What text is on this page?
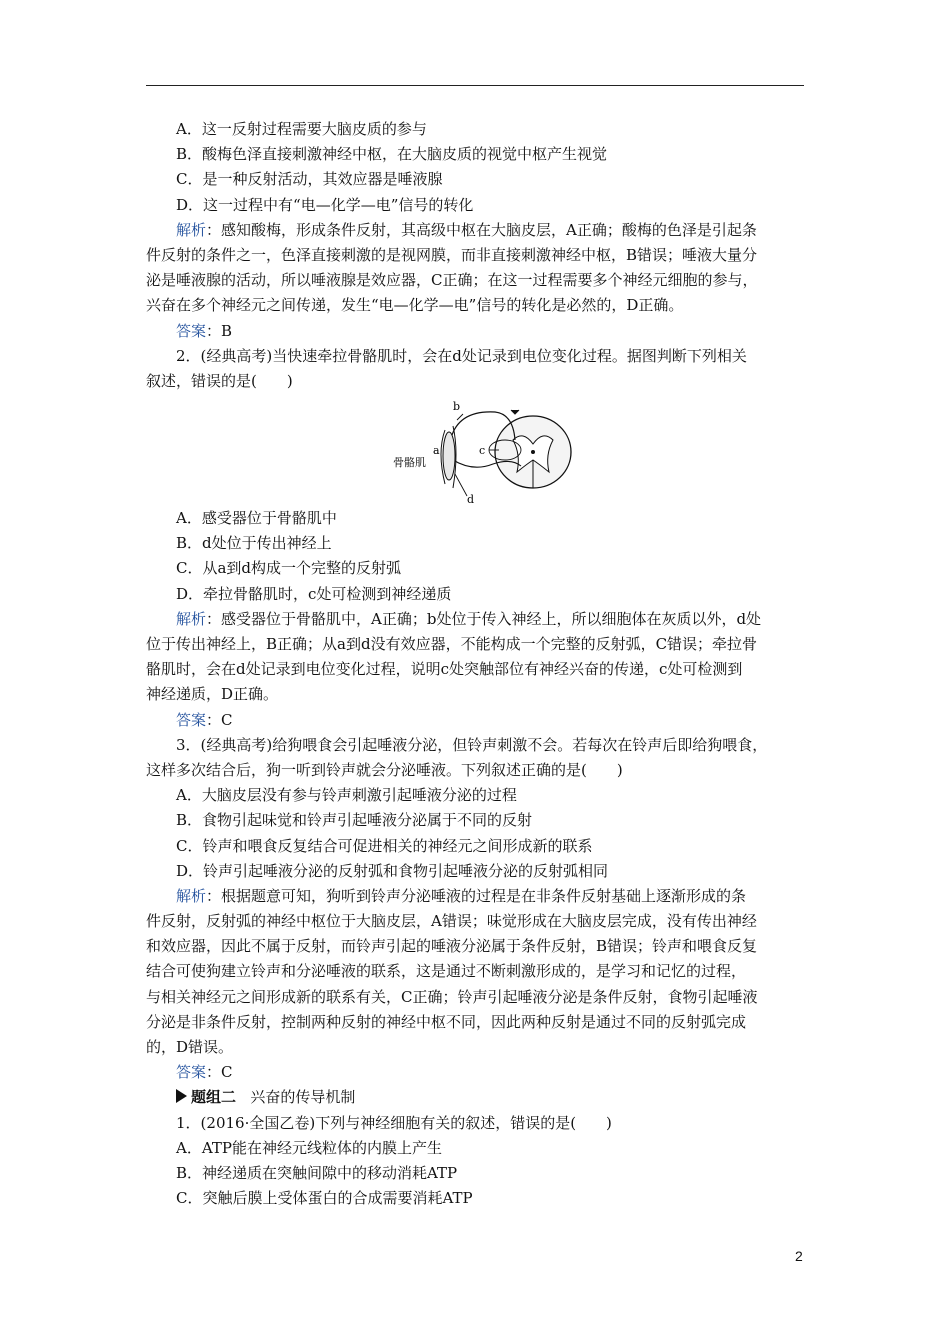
A．这一反射过程需要大脑皮质的参与
B．酸梅色泽直接刺激神经中枢，在大脑皮质的视觉中枢产生视觉
C．是一种反射活动，其效应器是唾液腺
D．这一过程中有“电—化学—电”信号的转化
解析：感知酸梅，形成条件反射，其高级中枢在大脑皮层，A正确；酸梅的色泽是引起条
件反射的条件之一，色泽直接刺激的是视网膜，而非直接刺激神经中枢，B错误；唾液大量分
泌是唾液腺的活动，所以唾液腺是效应器，C正确；在这一过程需要多个神经元细胞的参与，
兴奋在多个神经元之间传递，发生“电—化学—电”信号的转化是必然的，D正确。
答案：B
2．(经典高考)当快速牵拉骨骼肌时，会在d处记录到电位变化过程。据图判断下列相关
叙述，错误的是(　　)
b
a	c
d
骨骼肌
A．感受器位于骨骼肌中
B．d处位于传出神经上
C．从a到d构成一个完整的反射弧
D．牵拉骨骼肌时，c处可检测到神经递质
解析：感受器位于骨骼肌中，A正确；b处位于传入神经上，所以细胞体在灰质以外，d处
位于传出神经上，B正确；从a到d没有效应器，不能构成一个完整的反射弧，C错误；牵拉骨
骼肌时，会在d处记录到电位变化过程，说明c处突触部位有神经兴奋的传递，c处可检测到
神经递质，D正确。
答案：C
3．(经典高考)给狗喂食会引起唾液分泌，但铃声刺激不会。若每次在铃声后即给狗喂食，
这样多次结合后，狗一听到铃声就会分泌唾液。下列叙述正确的是(　　)
A．大脑皮层没有参与铃声刺激引起唾液分泌的过程
B．食物引起味觉和铃声引起唾液分泌属于不同的反射
C．铃声和喂食反复结合可促进相关的神经元之间形成新的联系
D．铃声引起唾液分泌的反射弧和食物引起唾液分泌的反射弧相同
解析：根据题意可知，狗听到铃声分泌唾液的过程是在非条件反射基础上逐渐形成的条
件反射，反射弧的神经中枢位于大脑皮层，A错误；味觉形成在大脑皮层完成，没有传出神经
和效应器，因此不属于反射，而铃声引起的唾液分泌属于条件反射，B错误；铃声和喂食反复
结合可使狗建立铃声和分泌唾液的联系，这是通过不断刺激形成的，是学习和记忆的过程，
与相关神经元之间形成新的联系有关，C正确；铃声引起唾液分泌是条件反射，食物引起唾液
分泌是非条件反射，控制两种反射的神经中枢不同，因此两种反射是通过不同的反射弧完成
的，D错误。
答案：C
题组二 兴奋的传导机制
1．(2016·全国乙卷)下列与神经细胞有关的叙述，错误的是(　　)
A．ATP能在神经元线粒体的内膜上产生
B．神经递质在突触间隙中的移动消耗ATP
C．突触后膜上受体蛋白的合成需要消耗ATP
2
